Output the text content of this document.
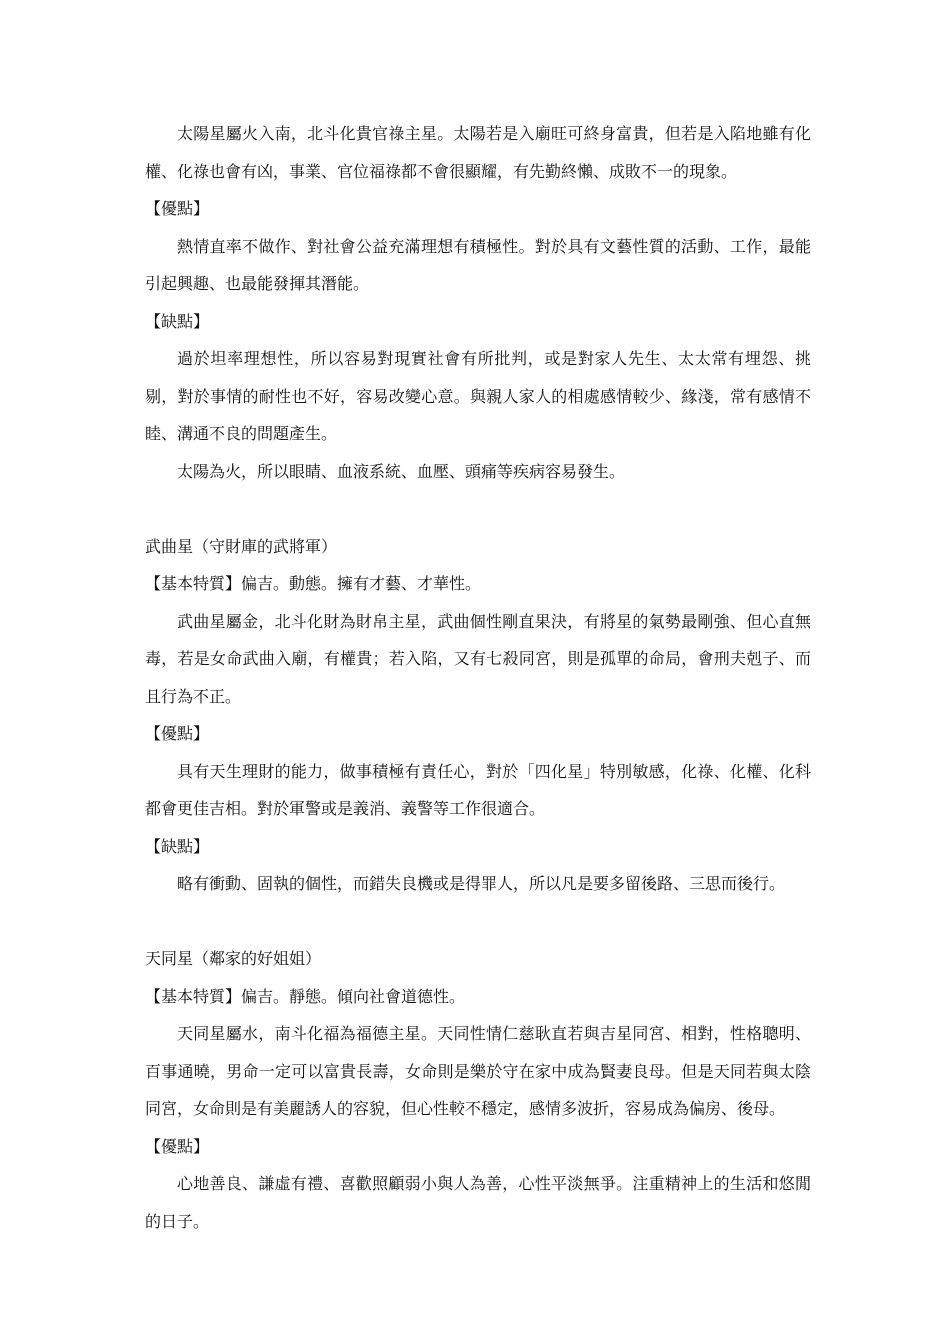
太陽星屬火入南，北斗化貴官祿主星。太陽若是入廟旺可終身富貴，但若是入陷地雖有化權、化祿也會有凶，事業、官位福祿都不會很顯耀，有先勤終懶、成敗不一的現象。

【優點】

熱情直率不做作、對社會公益充滿理想有積極性。對於具有文藝性質的活動、工作，最能引起興趣、也最能發揮其潛能。

【缺點】

過於坦率理想性，所以容易對現實社會有所批判，或是對家人先生、太太常有埋怨、挑剔，對於事情的耐性也不好，容易改變心意。與親人家人的相處感情較少、緣淺，常有感情不睦、溝通不良的問題產生。

太陽為火，所以眼睛、血液系統、血壓、頭痛等疾病容易發生。

武曲星（守財庫的武將軍）

【基本特質】偏吉。動態。擁有才藝、才華性。

武曲星屬金，北斗化財為財帛主星，武曲個性剛直果決，有將星的氣勢最剛強、但心直無毒，若是女命武曲入廟，有權貴；若入陷，又有七殺同宮，則是孤單的命局，會刑夫剋子、而且行為不正。

【優點】

具有天生理財的能力，做事積極有責任心，對於「四化星」特別敏感，化祿、化權、化科都會更佳吉相。對於軍警或是義消、義警等工作很適合。

【缺點】

略有衝動、固執的個性，而錯失良機或是得罪人，所以凡是要多留後路、三思而後行。

天同星（鄰家的好姐姐）

【基本特質】偏吉。靜態。傾向社會道德性。

天同星屬水，南斗化福為福德主星。天同性情仁慈耿直若與吉星同宮、相對，性格聰明、百事通曉，男命一定可以富貴長壽，女命則是樂於守在家中成為賢妻良母。但是天同若與太陰同宮，女命則是有美麗誘人的容貌，但心性較不穩定，感情多波折，容易成為偏房、後母。

【優點】

心地善良、謙虛有禮、喜歡照顧弱小與人為善，心性平淡無爭。注重精神上的生活和悠閒的日子。
